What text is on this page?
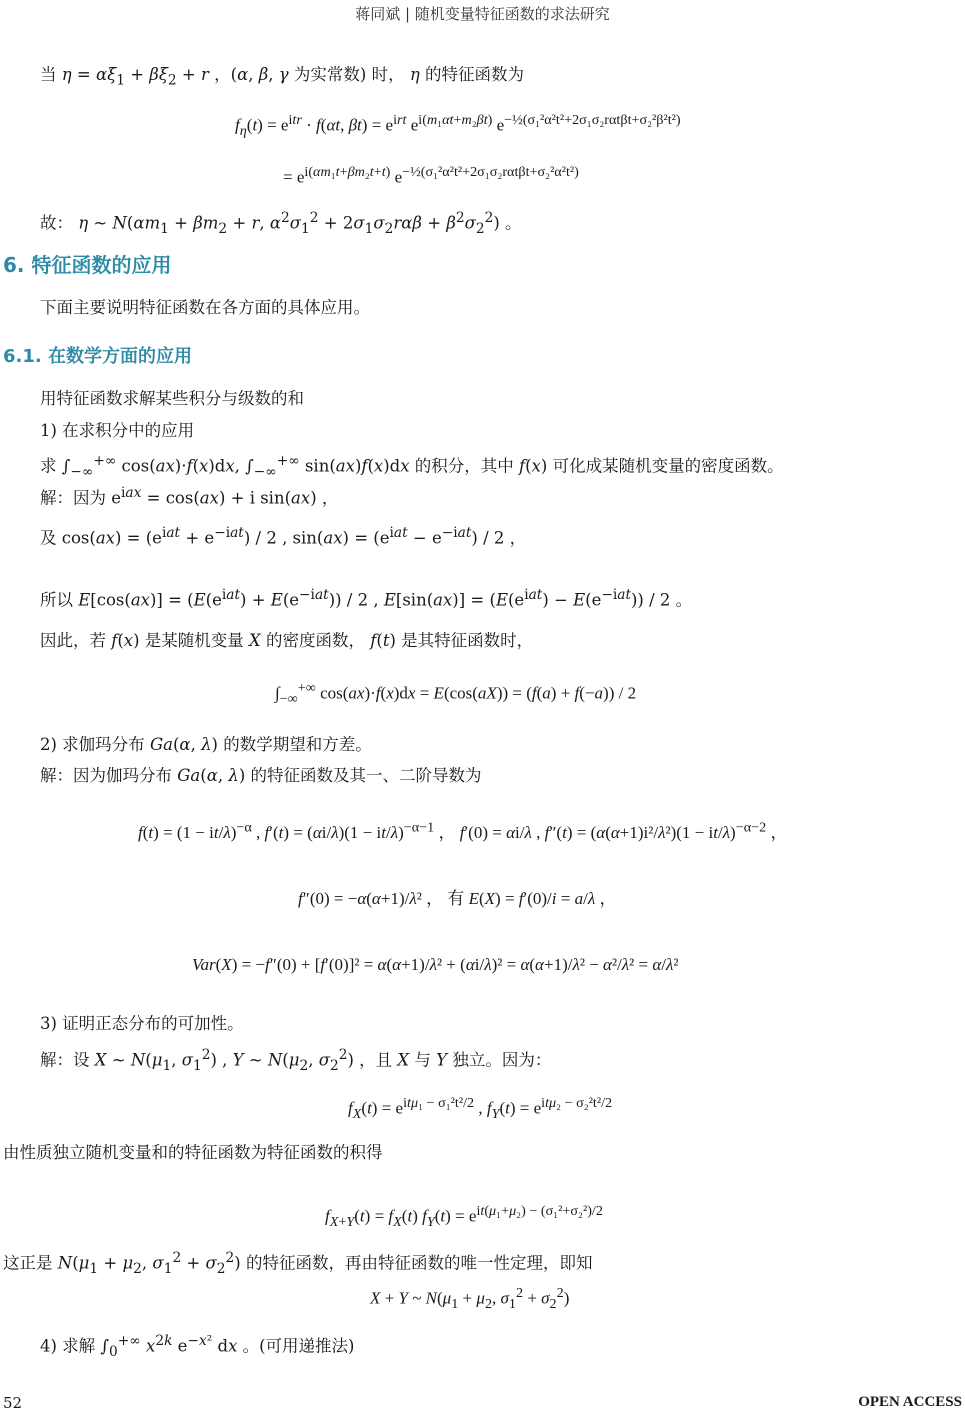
蒋同斌 | 随机变量特征函数的求法研究
当 $\eta = \alpha\xi_1 + \beta\xi_2 + r$ ，(α, β, γ 为实常数) 时， η 的特征函数为
$f_\eta(t) = e^{itr} \cdot f(\alpha t$, $\beta t) = e^{irt}$ $e^{i(m_1\alpha t+m_2\beta t)}$ $e^{-\frac{1}{2}(\sigma_1^2\alpha^2t^2+2\sigma_1\sigma_2r\alpha t\beta t+\sigma_2^2\beta^2t^2)}$
= $e^{i(\alpha m_1t+\beta m_2t+t)}$ $e^{-\frac{1}{2}(\sigma_1^2\alpha^2t^2+2\sigma_1\sigma_2r\alpha t\beta t+\sigma_2^2\alpha^2t^2)}$
故： η ~ $N(\alpha m_1 + \beta m_2 + r$, $\alpha^2\sigma_1^2 + 2\sigma_1\sigma_2r\alpha\beta + \beta^2\sigma_2^2$) 。
6. 特征函数的应用
下面主要说明特征函数在各方面的具体应用。
6.1. 在数学方面的应用
用特征函数求解某些积分与级数的和
1) 在求积分中的应用
求 $\int_{-\infty}^{+\infty}$ cos(ax)·f(x)dx, $\int_{-\infty}^{+\infty}$ sin(ax)f(x)dx 的积分，其中 f(x) 可化成某随机变量的密度函数。
解：因为 $e^{iax} = \cos(ax) + i$ sin(ax) ，
及 $\cos(ax) = (e^{iat} + e^{-iat}) / 2$ , $\sin(ax) = (e^{iat} - e^{-iat}) / 2$ ，
所以 $E[\cos(ax)] = (E(e^{iat}) + E(e^{-iat})) / 2$ , $E[\sin(ax)] = (E(e^{iat}) - E(e^{-iat})) / 2$ 。
因此，若 f(x) 是某随机变量 X 的密度函数， f(t) 是其特征函数时，
$\int_{-\infty}^{+\infty}$ cos(ax)·f(x)dx = E(cos(aX)) = (f(a) + f(−a)) / 2
2) 求伽玛分布 Ga(α, λ) 的数学期望和方差。
解：因为伽玛分布 Ga(α, λ) 的特征函数及其一、二阶导数为
$f(t) = (1 - it/\lambda)^{-\alpha}$ , $f'(t) = (\alpha i/\lambda)(1 - it/\lambda)^{-\alpha-1}$ ， f′(0) = αi/λ , $f''(t) = (\alpha(\alpha+1)i^2/\lambda^2)(1 - it/\lambda)^{-\alpha-2}$ ，
f″(0) = −α(α+1)/λ² ， 有 E(X) = f′(0)/i = a/λ ，
Var(X) = −f″(0) + [f′(0)]² = α(α+1)/λ² + (αi/λ)² = α(α+1)/λ² − α²/λ² = α/λ²
3) 证明正态分布的可加性。
解：设 X ~ $N(\mu_1$, $\sigma_1^2$) , Y ~ $N(\mu_2$, $\sigma_2^2$) ，且 X 与 Y 独立。因为：
$f_X(t) = e^{it\mu_1 - \sigma_1^2t^2/2}$ , $f_Y(t) = e^{it\mu_2 - \sigma_2^2t^2/2}$
由性质独立随机变量和的特征函数为特征函数的积得
$f_{X+Y}(t) = f_X(t) f_Y(t) = e^{it(\mu_1+\mu_2) - (\sigma_1^2+\sigma_2^2)/2}$
这正是 $N(\mu_1 + \mu_2$, $\sigma_1^2 + \sigma_2^2$) 的特征函数，再由特征函数的唯一性定理，即知
X + Y ~ $N(\mu_1 + \mu_2$, $\sigma_1^2 + \sigma_2^2$)
4) 求解 $\int_0^{+\infty}$ $x^{2k}$ $e^{-x^2}$ dx 。(可用递推法)
52	OPEN ACCESS
